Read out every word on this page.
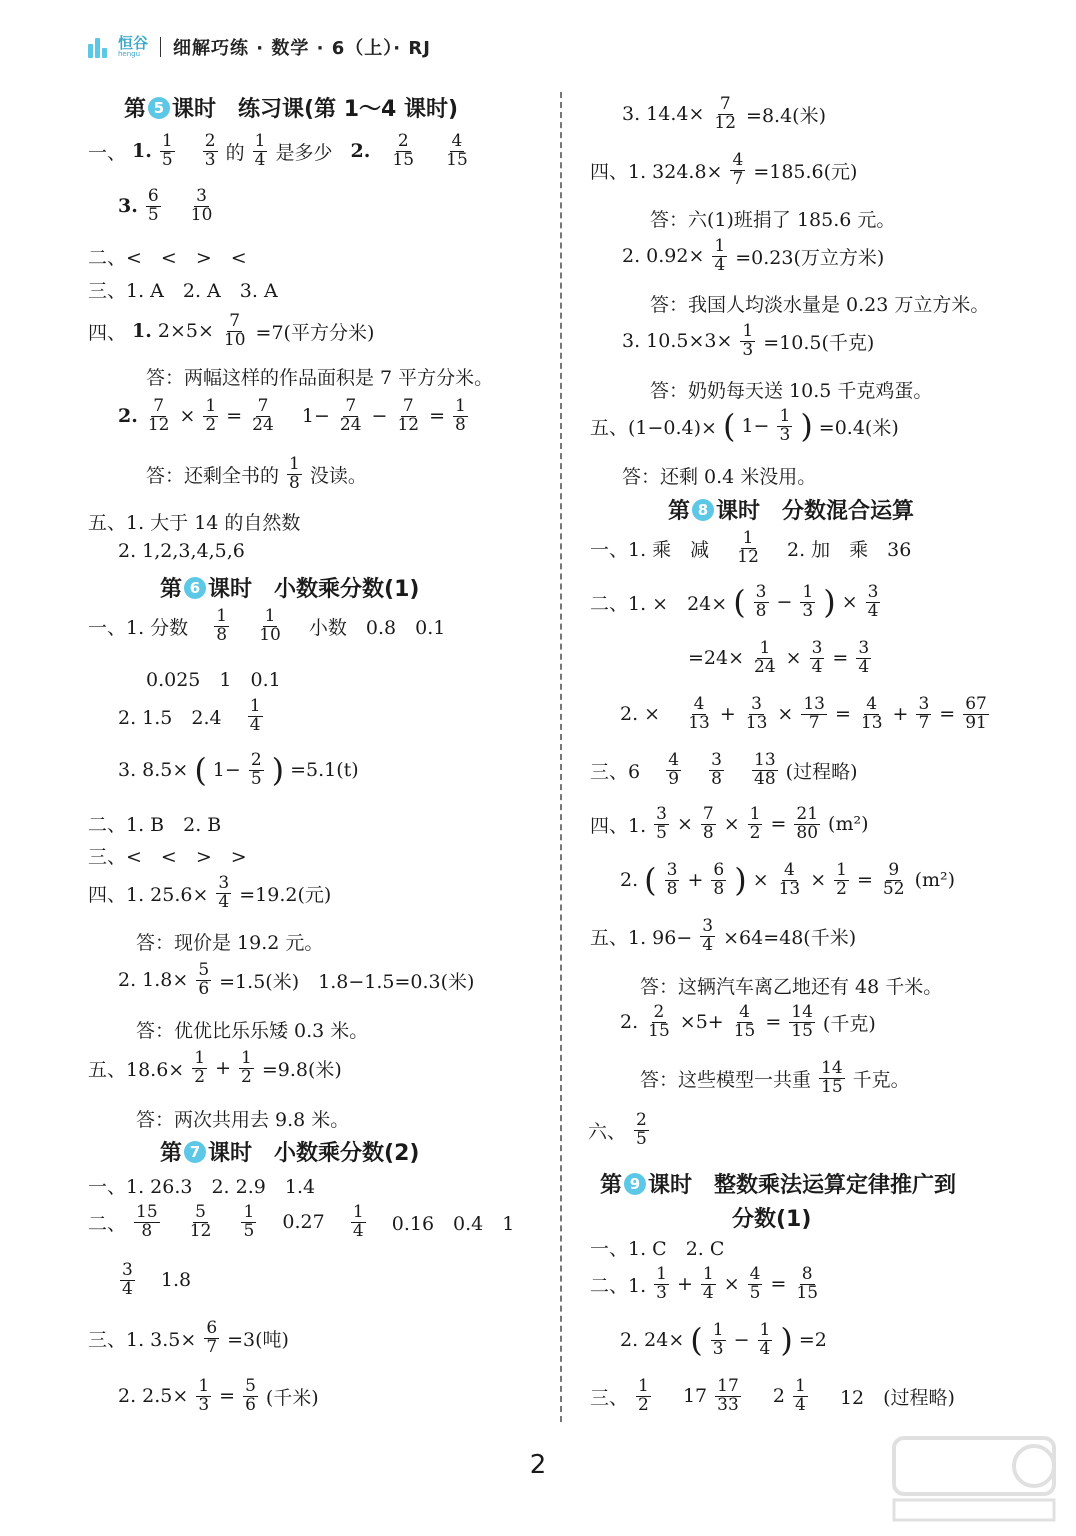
恒谷
hengu	细解巧练 · 数学 · 6（上）· RJ
第 5 课时　练习课(第 1～4 课时)
一、 1. $\frac{1}{5}$
$\frac{2}{3}$ 的 $\frac{1}{4}$ 是多少
2.
$\frac{2}{15}$
$\frac{4}{15}$
3. $\frac{6}{5}$
$\frac{3}{10}$
二、<　<　>　<
三、1. A　2. A　3. A
四、 1. $2\times 5\times \frac{7}{10} =7$(平方分米)
答：两幅这样的作品面积是 7 平方分米。
2. $\frac{7}{12} \times \frac{1}{2} = \frac{7}{24}$
$1- \frac{7}{24} - \frac{7}{12} = \frac{1}{8}$
答：还剩全书的 $\frac{1}{8}$ 没读。
五、1. 大于 14 的自然数
2. 1,2,3,4,5,6
第 6 课时　小数乘分数(1)
一、1. 分数
$\frac{1}{8}$
$\frac{1}{10}$
小数　0.8　0.1
0.025　1　0.1
2. 1.5　2.4
$\frac{1}{4}$
3. 8.5× ( $1- \frac{2}{5}$ ) =5.1(t)
二、1. B　2. B
三、<　<　>　>
四、1. $25.6\times \frac{3}{4} =19.2$(元)
答：现价是 19.2 元。
2. $1.8\times \frac{5}{6} =1.5$(米)　1.8−1.5=0.3(米)
答：优优比乐乐矮 0.3 米。
五、$18.6\times \frac{1}{2} + \frac{1}{2} =9.8$(米)
答：两次共用去 9.8 米。
第 7 课时　小数乘分数(2)
一、1. 26.3　2. 2.9　1.4
二、 $\frac{15}{8}$
$\frac{5}{12}$
$\frac{1}{5}$
0.27
$\frac{1}{4}$
0.16　0.4　1
$\frac{3}{4}$
1.8
三、1. $3.5\times \frac{6}{7} =3$(吨)
2. $2.5\times \frac{1}{3} = \frac{5}{6}$ (千米)
3. $14.4\times \frac{7}{12} =8.4$(米)
四、1. $324.8\times \frac{4}{7} =185.6$(元)
答：六(1)班捐了 185.6 元。
2. $0.92\times \frac{1}{4} =0.23$(万立方米)
答：我国人均淡水量是 0.23 万立方米。
3. $10.5\times 3\times \frac{1}{3} =10.5$(千克)
答：奶奶每天送 10.5 千克鸡蛋。
五、(1−0.4)× ( $1- \frac{1}{3}$ ) =0.4(米)
答：还剩 0.4 米没用。
第 8 课时　分数混合运算
一、1. 乘　减
$\frac{1}{12}$
2. 加　乘　36
二、1. ×　24× ( $\frac{3}{8} - \frac{1}{3}$ ) × $\frac{3}{4}$
$=24\times \frac{1}{24} \times \frac{3}{4} = \frac{3}{4}$
2. ×
$\frac{4}{13} + \frac{3}{13} \times \frac{13}{7} = \frac{4}{13} + \frac{3}{7} = \frac{67}{91}$
三、6
$\frac{4}{9}$
$\frac{3}{8}$
$\frac{13}{48}$ (过程略)
四、1. $\frac{3}{5} \times \frac{7}{8} \times \frac{1}{2} = \frac{21}{80} (m^2)$
2. ( $\frac{3}{8} + \frac{6}{8}$ ) × $\frac{4}{13} \times \frac{1}{2} = \frac{9}{52} (m^2)$
五、1. $96- \frac{3}{4} \times 64=48$(千米)
答：这辆汽车离乙地还有 48 千米。
2. $\frac{2}{15} \times 5+ \frac{4}{15} = \frac{14}{15}$ (千克)
答：这些模型一共重 $\frac{14}{15}$ 千克。
六、 $\frac{2}{5}$
第 9 课时　整数乘法运算定律推广到
分数(1)
一、1. C　2. C
二、1. $\frac{1}{3} + \frac{1}{4} \times \frac{4}{5} = \frac{8}{15}$
2. 24× ( $\frac{1}{3} - \frac{1}{4}$ ) =2
三、 $\frac{1}{2}$
$17 \frac{17}{33}$
$2 \frac{1}{4}$
12　(过程略)
2
